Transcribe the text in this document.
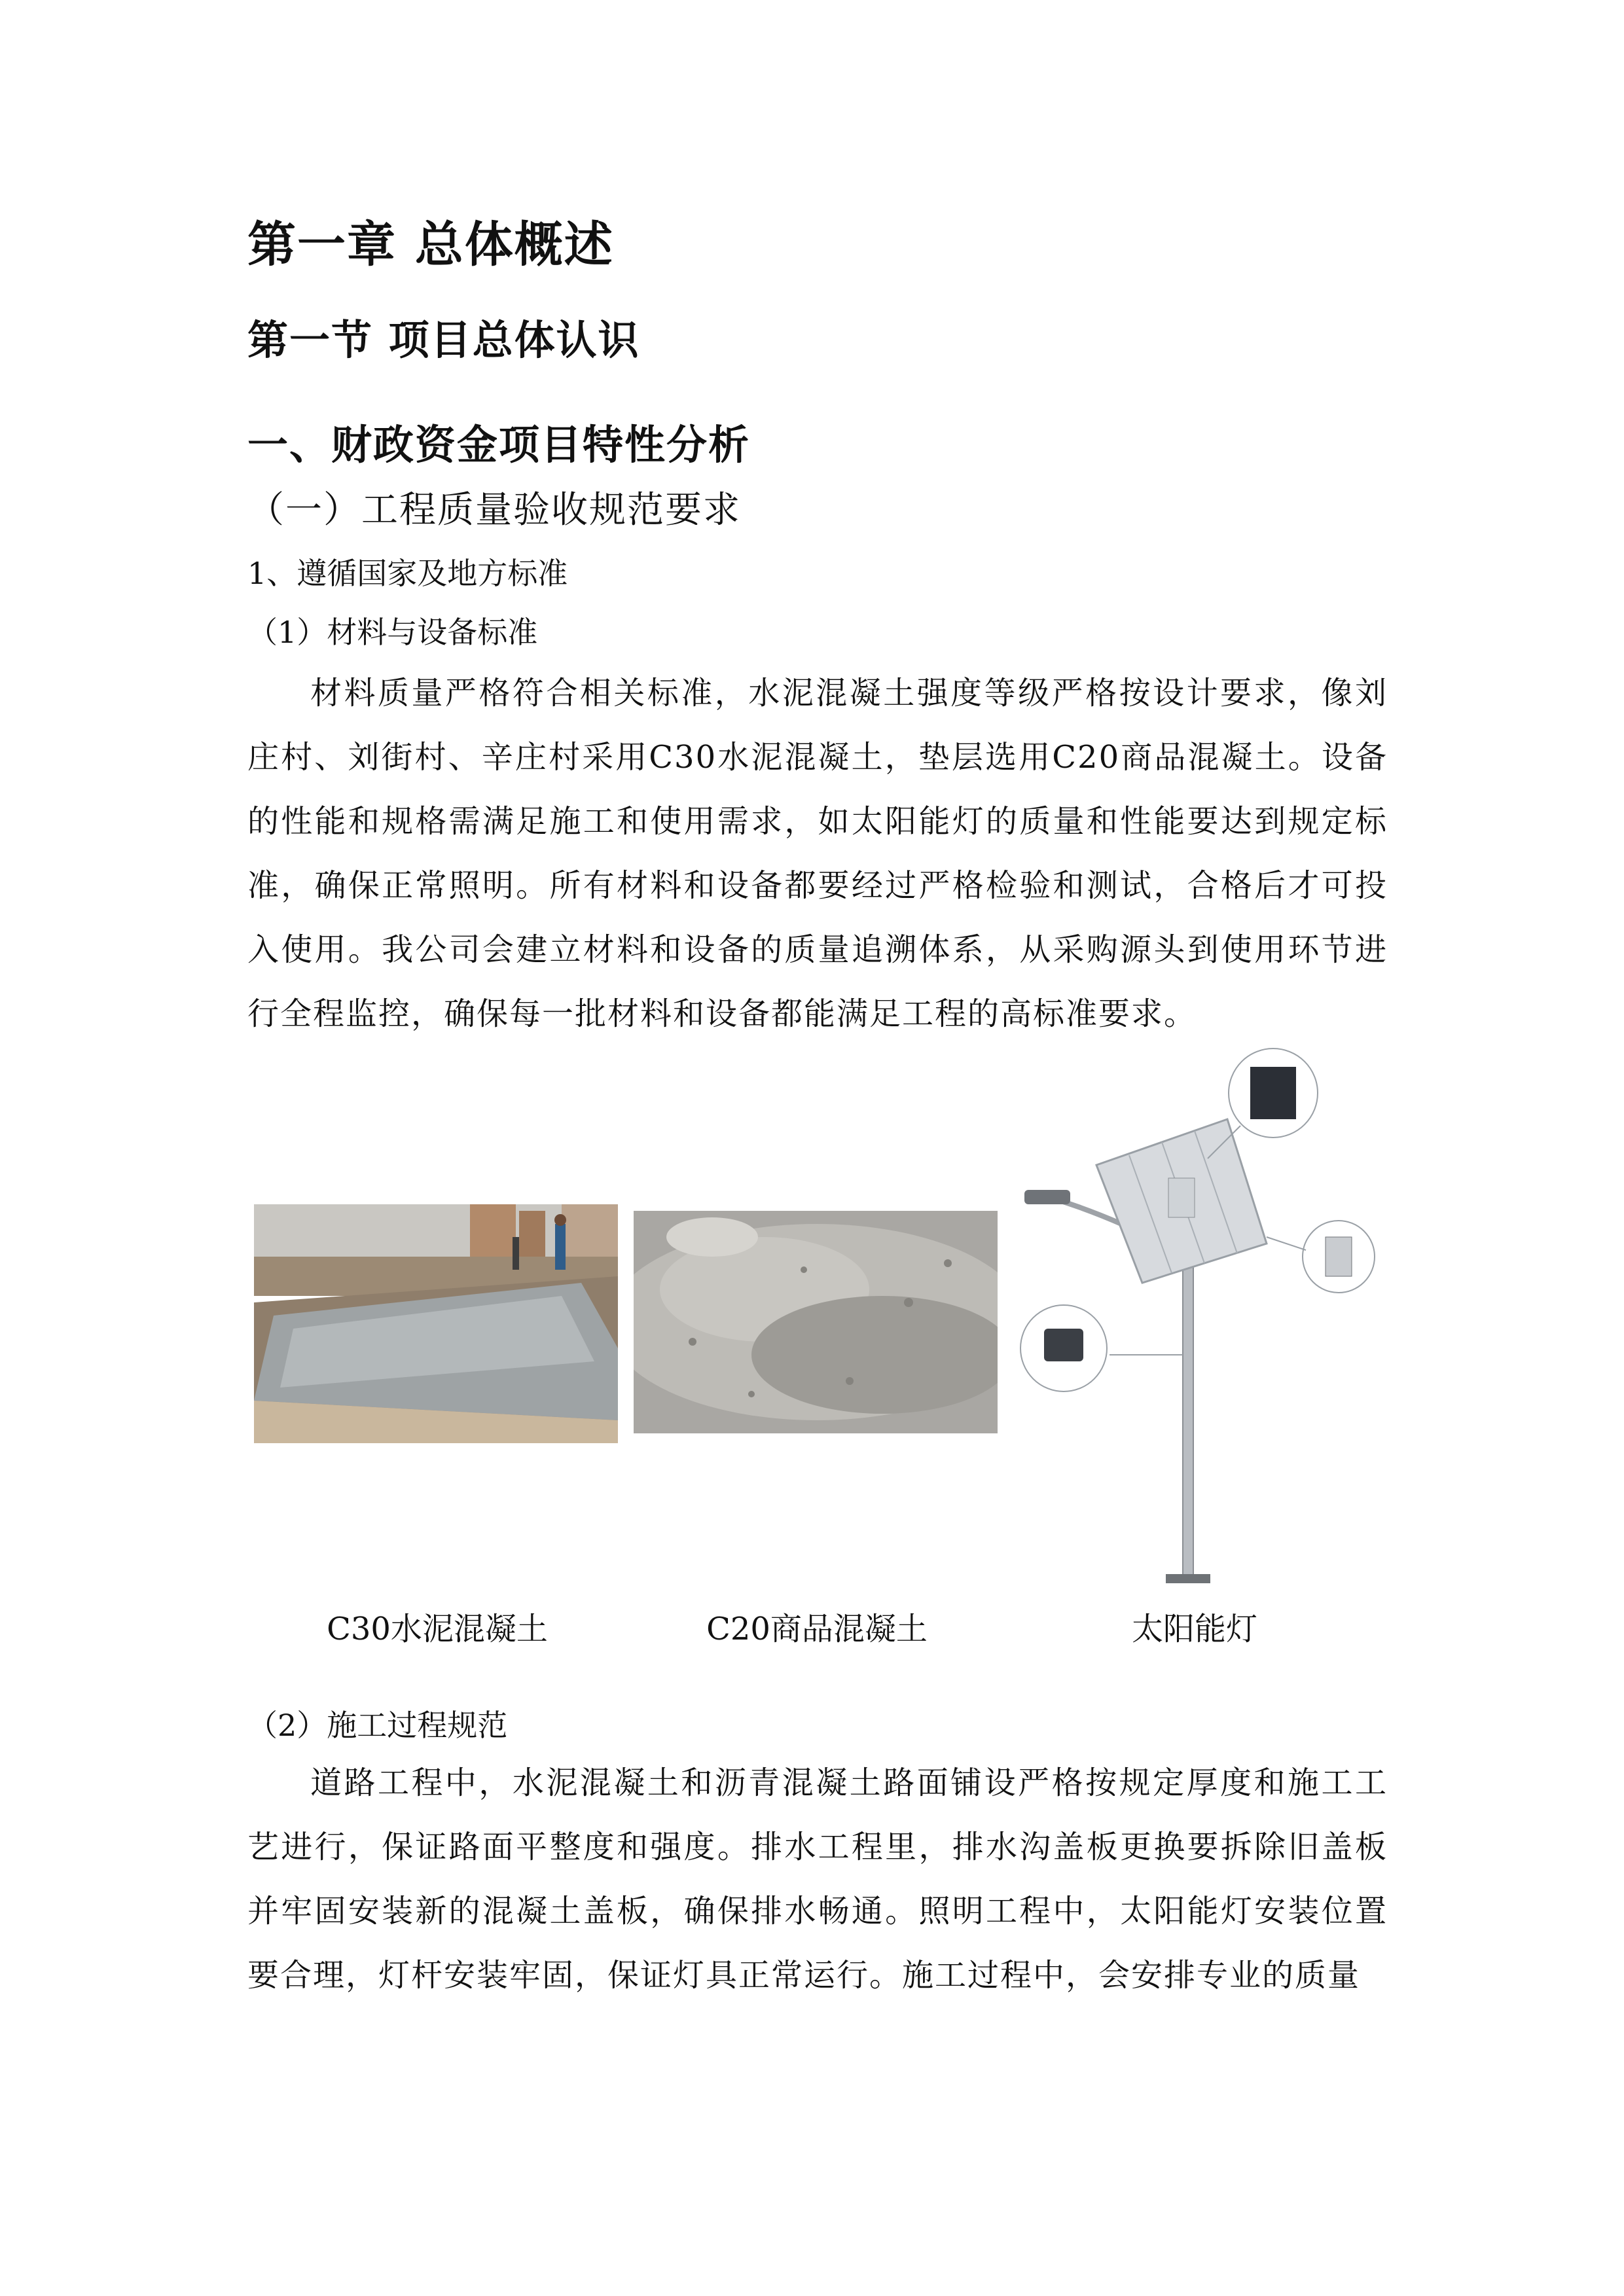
第一章 总体概述
第一节 项目总体认识
一、财政资金项目特性分析
（一）工程质量验收规范要求
1、遵循国家及地方标准
（1）材料与设备标准
材料质量严格符合相关标准，水泥混凝土强度等级严格按设计要求，像刘庄村、刘街村、辛庄村采用C30水泥混凝土，垫层选用C20商品混凝土。设备的性能和规格需满足施工和使用需求，如太阳能灯的质量和性能要达到规定标准，确保正常照明。所有材料和设备都要经过严格检验和测试，合格后才可投入使用。我公司会建立材料和设备的质量追溯体系，从采购源头到使用环节进行全程监控，确保每一批材料和设备都能满足工程的高标准要求。
C30水泥混凝土	C20商品混凝土	太阳能灯
（2）施工过程规范
道路工程中，水泥混凝土和沥青混凝土路面铺设严格按规定厚度和施工工艺进行，保证路面平整度和强度。排水工程里，排水沟盖板更换要拆除旧盖板并牢固安装新的混凝土盖板，确保排水畅通。照明工程中，太阳能灯安装位置要合理，灯杆安装牢固，保证灯具正常运行。施工过程中，会安排专业的质量
